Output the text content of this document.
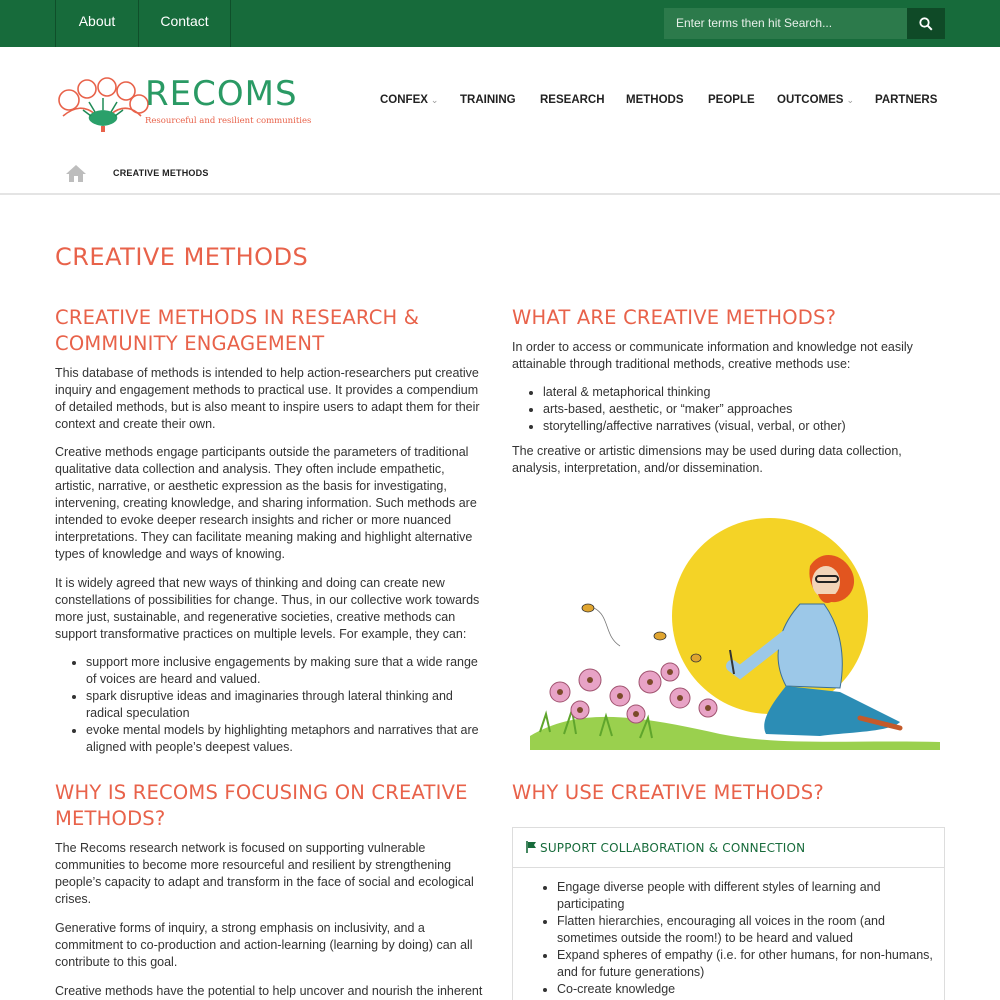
About	Contact	Enter terms then hit Search...
RECOMS
Resourceful and resilient communities
CONFEX ⌄ TRAINING RESEARCH METHODS PEOPLE OUTCOMES ⌄ PARTNERS
CREATIVE METHODS
CREATIVE METHODS
CREATIVE METHODS IN RESEARCH & COMMUNITY ENGAGEMENT

This database of methods is intended to help action-researchers put creative inquiry and engagement methods to practical use. It provides a compendium of detailed methods, but is also meant to inspire users to adapt them for their context and create their own.

Creative methods engage participants outside the parameters of traditional qualitative data collection and analysis. They often include empathetic, artistic, narrative, or aesthetic expression as the basis for investigating, intervening, creating knowledge, and sharing information. Such methods are intended to evoke deeper research insights and richer or more nuanced interpretations. They can facilitate meaning making and highlight alternative types of knowledge and ways of knowing.

It is widely agreed that new ways of thinking and doing can create new constellations of possibilities for change. Thus, in our collective work towards more just, sustainable, and regenerative societies, creative methods can support transformative practices on multiple levels. For example, they can:

• support more inclusive engagements by making sure that a wide range of voices are heard and valued.
• spark disruptive ideas and imaginaries through lateral thinking and radical speculation
• evoke mental models by highlighting metaphors and narratives that are aligned with people’s deepest values.
WHY IS RECOMS FOCUSING ON CREATIVE METHODS?

The Recoms research network is focused on supporting vulnerable communities to become more resourceful and resilient by strengthening people’s capacity to adapt and transform in the face of social and ecological crises.

Generative forms of inquiry, a strong emphasis on inclusivity, and a commitment to co-production and action-learning (learning by doing) can all contribute to this goal.

Creative methods have the potential to help uncover and nourish the inherent

WHAT ARE CREATIVE METHODS?

In order to access or communicate information and knowledge not easily attainable through traditional methods, creative methods use:

• lateral & metaphorical thinking
• arts-based, aesthetic, or “maker” approaches
• storytelling/affective narratives (visual, verbal, or other)

The creative or artistic dimensions may be used during data collection, analysis, interpretation, and/or dissemination.

WHY USE CREATIVE METHODS?
SUPPORT COLLABORATION & CONNECTION
• Engage diverse people with different styles of learning and participating
• Flatten hierarchies, encouraging all voices in the room (and sometimes outside the room!) to be heard and valued
• Expand spheres of empathy (i.e. for other humans, for non-humans, and for future generations)
• Co-create knowledge
